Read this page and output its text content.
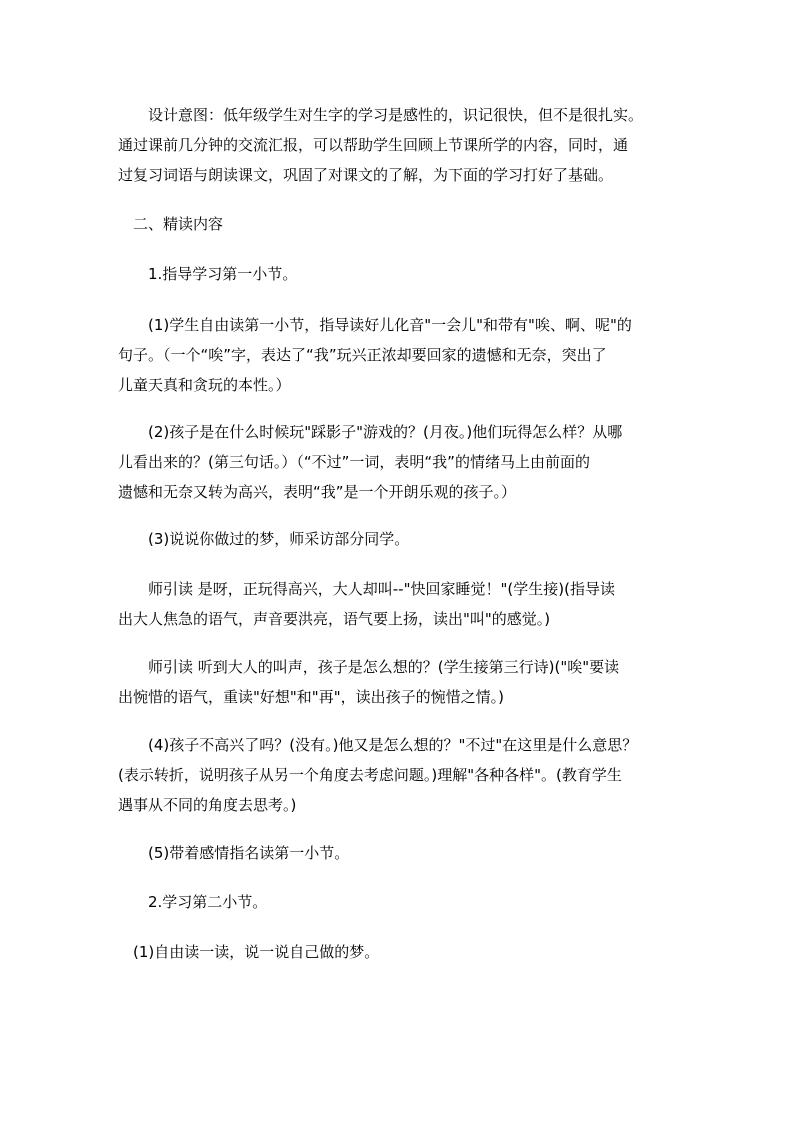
　　设计意图：低年级学生对生字的学习是感性的，识记很快，但不是很扎实。
通过课前几分钟的交流汇报，可以帮助学生回顾上节课所学的内容，同时，通
过复习词语与朗读课文，巩固了对课文的了解，为下面的学习打好了基础。

　二、精读内容

　　1.指导学习第一小节。

　　(1)学生自由读第一小节，指导读好儿化音"一会儿"和带有"唉、啊、呢"的
句子。（一个“唉”字，表达了“我”玩兴正浓却要回家的遗憾和无奈，突出了
儿童天真和贪玩的本性。）

　　(2)孩子是在什么时候玩"踩影子"游戏的？(月夜。)他们玩得怎么样？从哪
儿看出来的？(第三句话。）（“不过”一词，表明“我”的情绪马上由前面的
遗憾和无奈又转为高兴，表明“我”是一个开朗乐观的孩子。）

　　(3)说说你做过的梦，师采访部分同学。

　　师引读 是呀，正玩得高兴，大人却叫--"快回家睡觉！"(学生接)(指导读
出大人焦急的语气，声音要洪亮，语气要上扬，读出"叫"的感觉。)

　　师引读 听到大人的叫声，孩子是怎么想的？(学生接第三行诗)("唉"要读
出惋惜的语气，重读"好想"和"再"，读出孩子的惋惜之情。)

　　(4)孩子不高兴了吗？(没有。)他又是怎么想的？"不过"在这里是什么意思？
(表示转折，说明孩子从另一个角度去考虑问题。)理解"各种各样"。(教育学生
遇事从不同的角度去思考。)

　　(5)带着感情指名读第一小节。

　　2.学习第二小节。

　(1)自由读一读，说一说自己做的梦。
